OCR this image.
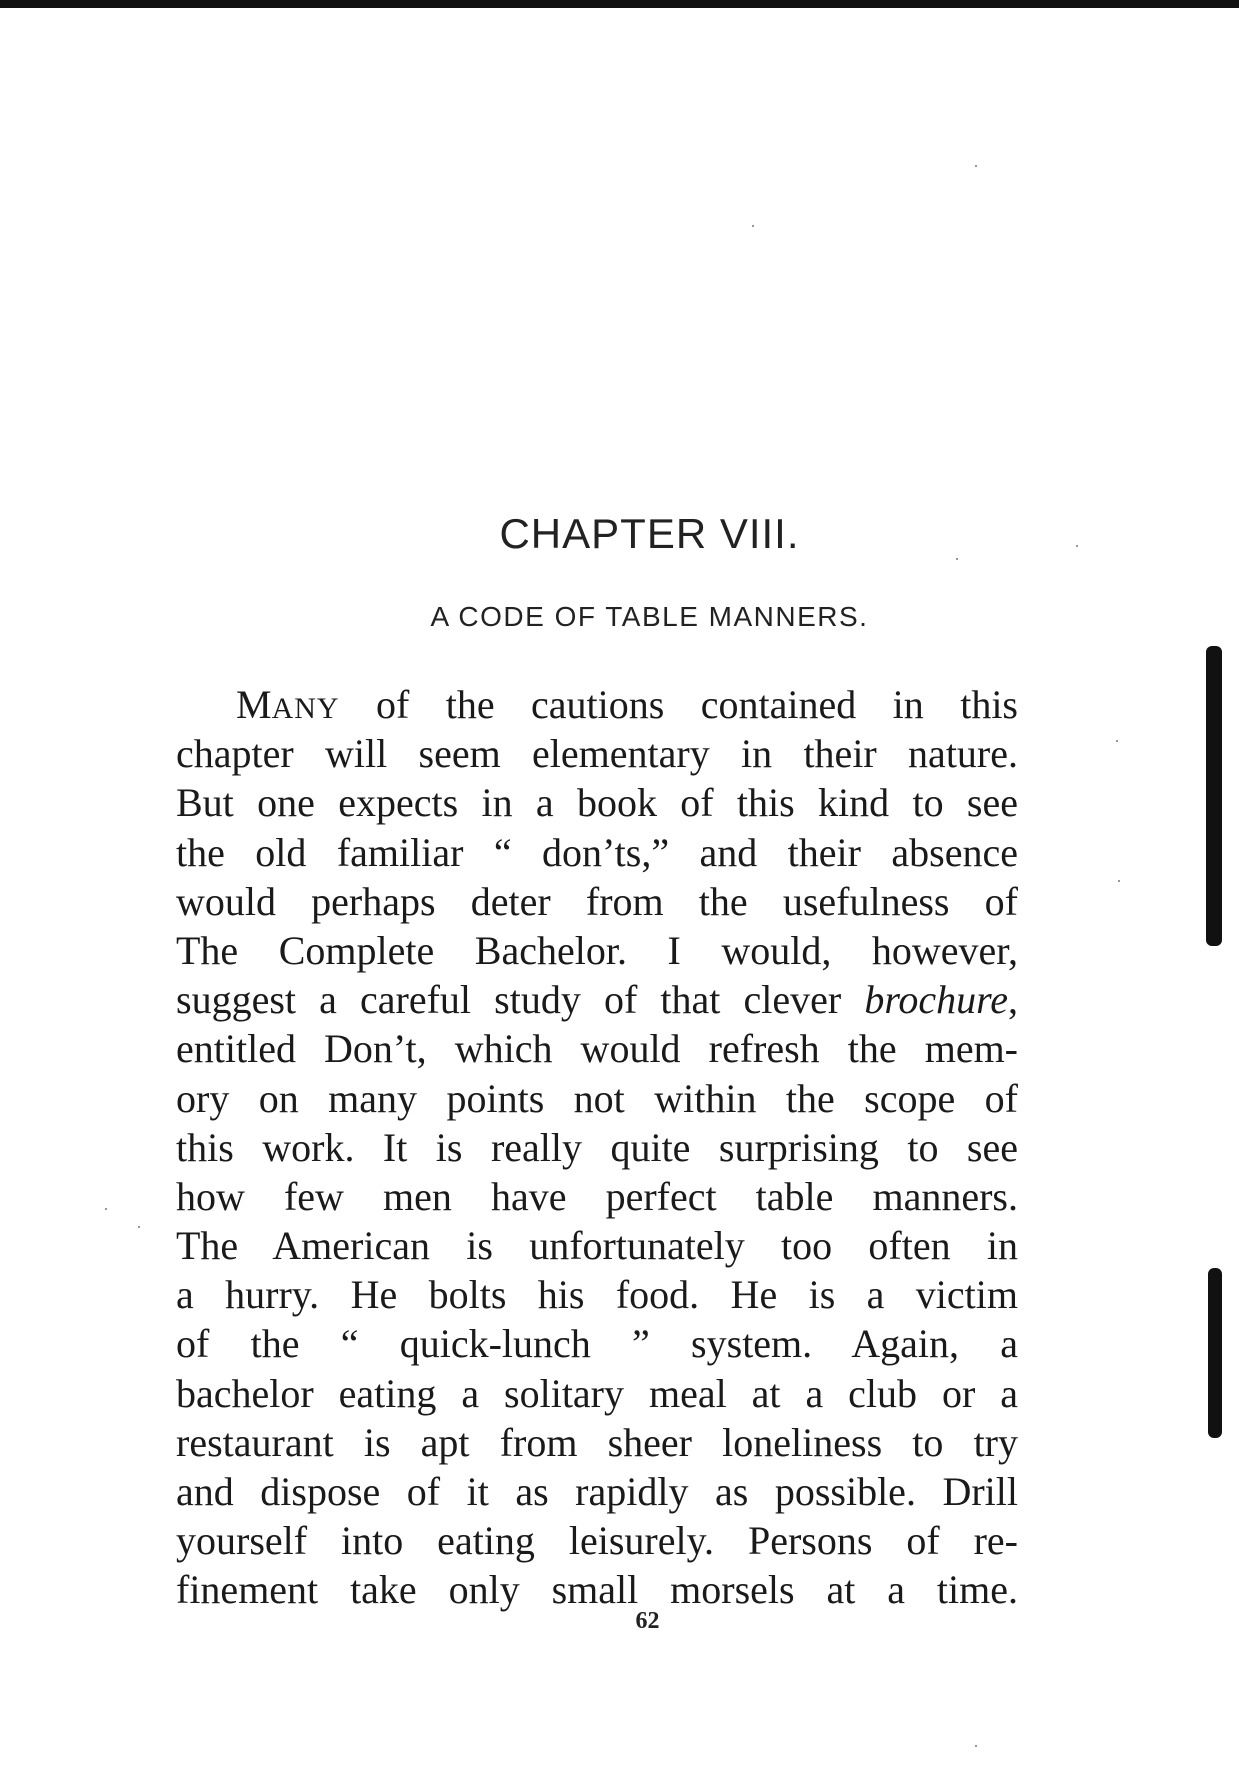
CHAPTER VIII.
A CODE OF TABLE MANNERS.
MANY of the cautions contained in this
chapter will seem elementary in their nature.
But one expects in a book of this kind to see
the old familiar “ don’ts,” and their absence
would perhaps deter from the usefulness of
The Complete Bachelor. I would, however,
suggest a careful study of that clever brochure,
entitled Don’t, which would refresh the mem-
ory on many points not within the scope of
this work. It is really quite surprising to see
how few men have perfect table manners.
The American is unfortunately too often in
a hurry. He bolts his food. He is a victim
of the “ quick-lunch ” system. Again, a
bachelor eating a solitary meal at a club or a
restaurant is apt from sheer loneliness to try
and dispose of it as rapidly as possible. Drill
yourself into eating leisurely. Persons of re-
finement take only small morsels at a time.
62
